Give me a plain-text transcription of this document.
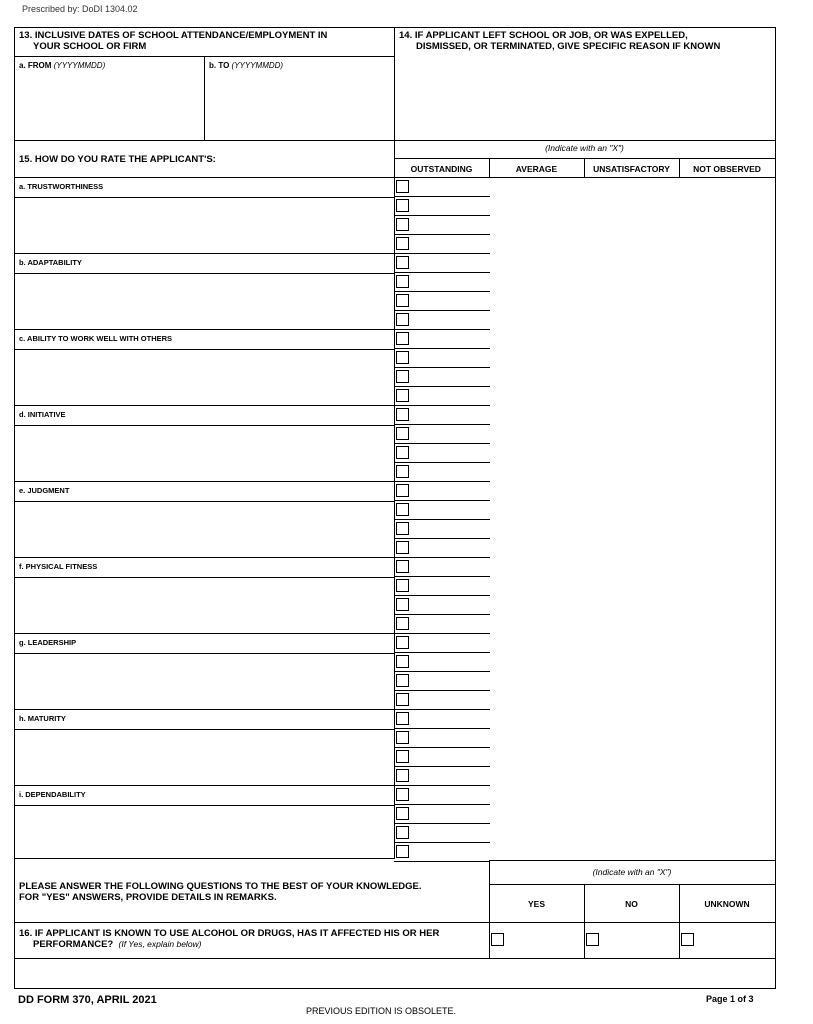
Prescribed by: DoDI 1304.02
13. INCLUSIVE DATES OF SCHOOL ATTENDANCE/EMPLOYMENT IN
YOUR SCHOOL OR FIRM
a. FROM (YYYYMMDD)	b. TO (YYYYMMDD)
14. IF APPLICANT LEFT SCHOOL OR JOB, OR WAS EXPELLED,
DISMISSED, OR TERMINATED, GIVE SPECIFIC REASON IF KNOWN
15. HOW DO YOU RATE THE APPLICANT'S:
(Indicate with an "X")
OUTSTANDING	AVERAGE	UNSATISFACTORY	NOT OBSERVED
a. TRUSTWORTHINESS
b. ADAPTABILITY
c. ABILITY TO WORK WELL WITH OTHERS
d. INITIATIVE
e. JUDGMENT
f. PHYSICAL FITNESS
g. LEADERSHIP
h. MATURITY
i. DEPENDABILITY
(Indicate with an "X")
PLEASE ANSWER THE FOLLOWING QUESTIONS TO THE BEST OF YOUR KNOWLEDGE.
FOR "YES" ANSWERS, PROVIDE DETAILS IN REMARKS.
YES	NO	UNKNOWN
16. IF APPLICANT IS KNOWN TO USE ALCOHOL OR DRUGS, HAS IT AFFECTED HIS OR HER
PERFORMANCE? (If Yes, explain below)
DD FORM 370, APRIL 2021
PREVIOUS EDITION IS OBSOLETE.
Page 1 of 3
